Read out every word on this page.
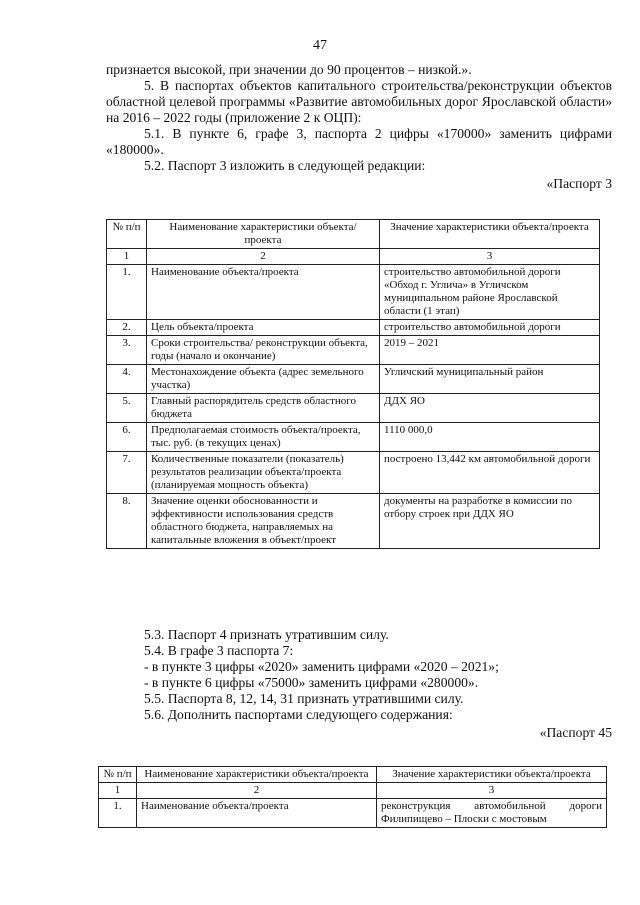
47

признается высокой, при значении до 90 процентов – низкой.».

5. В паспортах объектов капитального строительства/реконструкции объектов областной целевой программы «Развитие автомобильных дорог Ярославской области» на 2016 – 2022 годы (приложение 2 к ОЦП):

5.1. В пункте 6, графе 3, паспорта 2 цифры «170000» заменить цифрами «180000».

5.2. Паспорт 3 изложить в следующей редакции:

«Паспорт 3

№ п/п	Наименование характеристики объекта/проекта	Значение характеристики объекта/проекта
1	2	3
1.	Наименование объекта/проекта	строительство автомобильной дороги «Обход г. Углича» в Угличском муниципальном районе Ярославской области (1 этап)
2.	Цель объекта/проекта	строительство автомобильной дороги
3.	Сроки строительства/ реконструкции объекта, годы (начало и окончание)	2019 – 2021
4.	Местонахождение объекта (адрес земельного участка)	Угличский муниципальный район
5.	Главный распорядитель средств областного бюджета	ДДХ ЯО
6.	Предполагаемая стоимость объекта/проекта, тыс. руб. (в текущих ценах)	1110 000,0
7.	Количественные показатели (показатель) результатов реализации объекта/проекта (планируемая мощность объекта)	построено 13,442 км автомобильной дороги
8.	Значение оценки обоснованности и эффективности использования средств областного бюджета, направляемых на капитальные вложения в объект/проект	документы на разработке в комиссии по отбору строек при ДДХ ЯО

5.3. Паспорт 4 признать утратившим силу.

5.4. В графе 3 паспорта 7:

- в пункте 3 цифры «2020» заменить цифрами «2020 – 2021»;

- в пункте 6 цифры «75000» заменить цифрами «280000».

5.5. Паспорта 8, 12, 14, 31 признать утратившими силу.

5.6. Дополнить паспортами следующего содержания:

«Паспорт 45

№ п/п	Наименование характеристики объекта/проекта	Значение характеристики объекта/проекта
1	2	3
1.	Наименование объекта/проекта	реконструкция автомобильной дороги Филипищево – Плоски с мостовым
